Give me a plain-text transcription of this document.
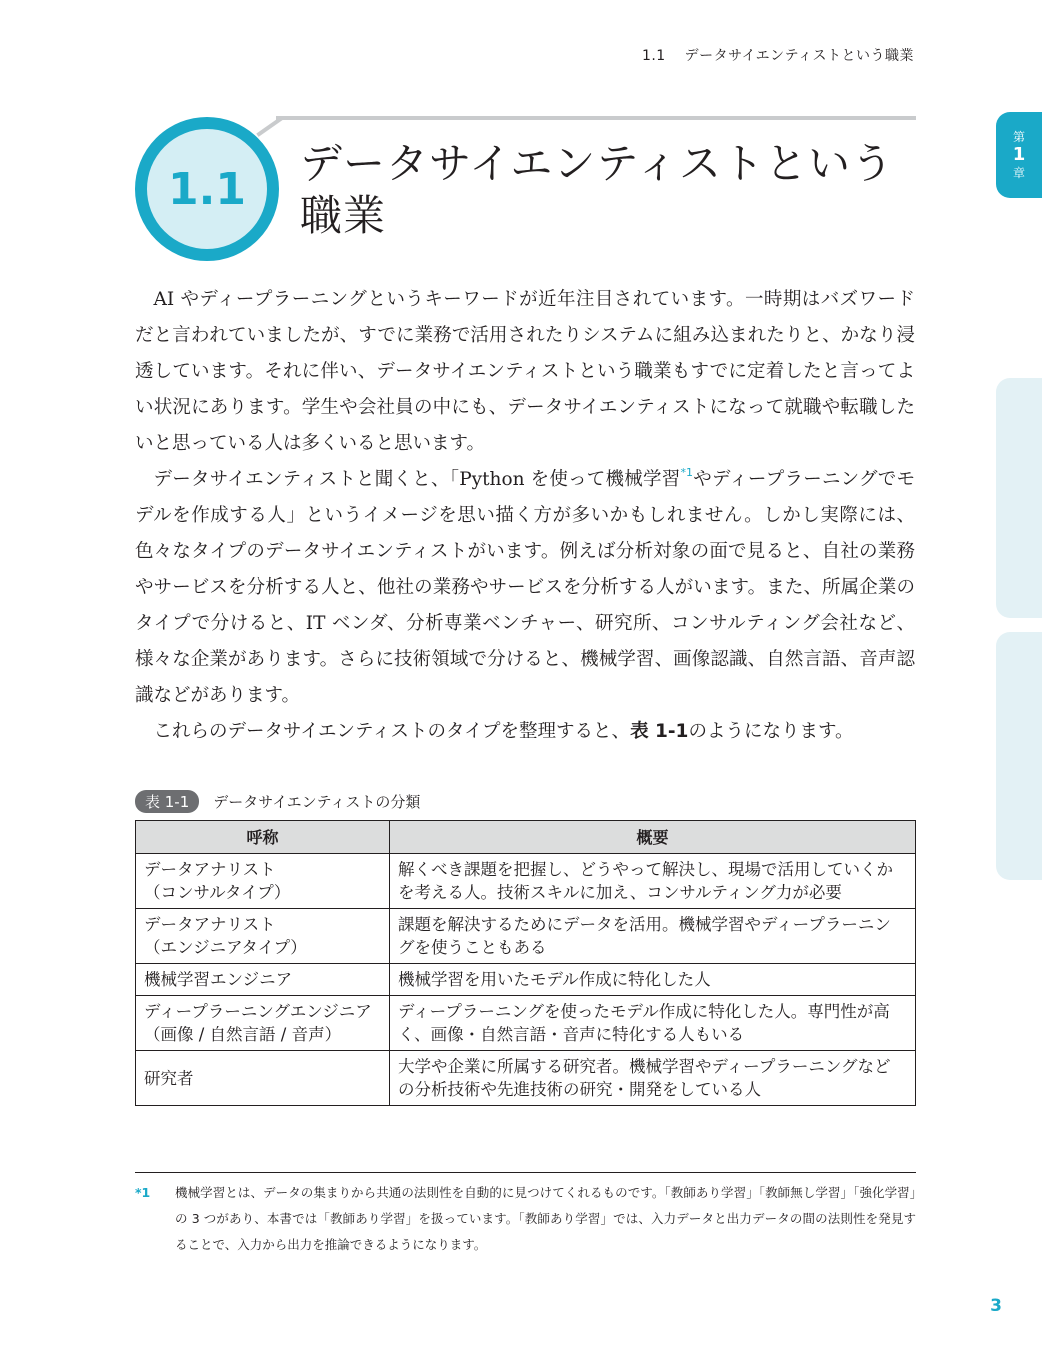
1.1 データサイエンティストという職業
第
1
章
1.1	データサイエンティストという職業

AI やディープラーニングというキーワードが近年注目されています。一時期はバズワードだと言われていましたが、すでに業務で活用されたりシステムに組み込まれたりと、かなり浸透しています。それに伴い、データサイエンティストという職業もすでに定着したと言ってよい状況にあります。学生や会社員の中にも、データサイエンティストになって就職や転職したいと思っている人は多くいると思います。

データサイエンティストと聞くと、「Python を使って機械学習$^{*1}$やディープラーニングでモデルを作成する人」というイメージを思い描く方が多いかもしれません。しかし実際には、色々なタイプのデータサイエンティストがいます。例えば分析対象の面で見ると、自社の業務やサービスを分析する人と、他社の業務やサービスを分析する人がいます。また、所属企業のタイプで分けると、IT ベンダ、分析専業ベンチャー、研究所、コンサルティング会社など、様々な企業があります。さらに技術領域で分けると、機械学習、画像認識、自然言語、音声認識などがあります。

これらのデータサイエンティストのタイプを整理すると、表 1-1のようになります。

表 1-1	データサイエンティストの分類
呼称	概要
データアナリスト
（コンサルタイプ）	解くべき課題を把握し、どうやって解決し、現場で活用していくかを考える人。技術スキルに加え、コンサルティング力が必要
データアナリスト
（エンジニアタイプ）	課題を解決するためにデータを活用。機械学習やディープラーニングを使うこともある
機械学習エンジニア	機械学習を用いたモデル作成に特化した人
ディープラーニングエンジニア
（画像 / 自然言語 / 音声）	ディープラーニングを使ったモデル作成に特化した人。専門性が高く、画像・自然言語・音声に特化する人もいる
研究者	大学や企業に所属する研究者。機械学習やディープラーニングなどの分析技術や先進技術の研究・開発をしている人
*1	機械学習とは、データの集まりから共通の法則性を自動的に見つけてくれるものです。「教師あり学習」「教師無し学習」「強化学習」の 3 つがあり、本書では「教師あり学習」を扱っています。「教師あり学習」では、入力データと出力データの間の法則性を発見することで、入力から出力を推論できるようになります。
3
